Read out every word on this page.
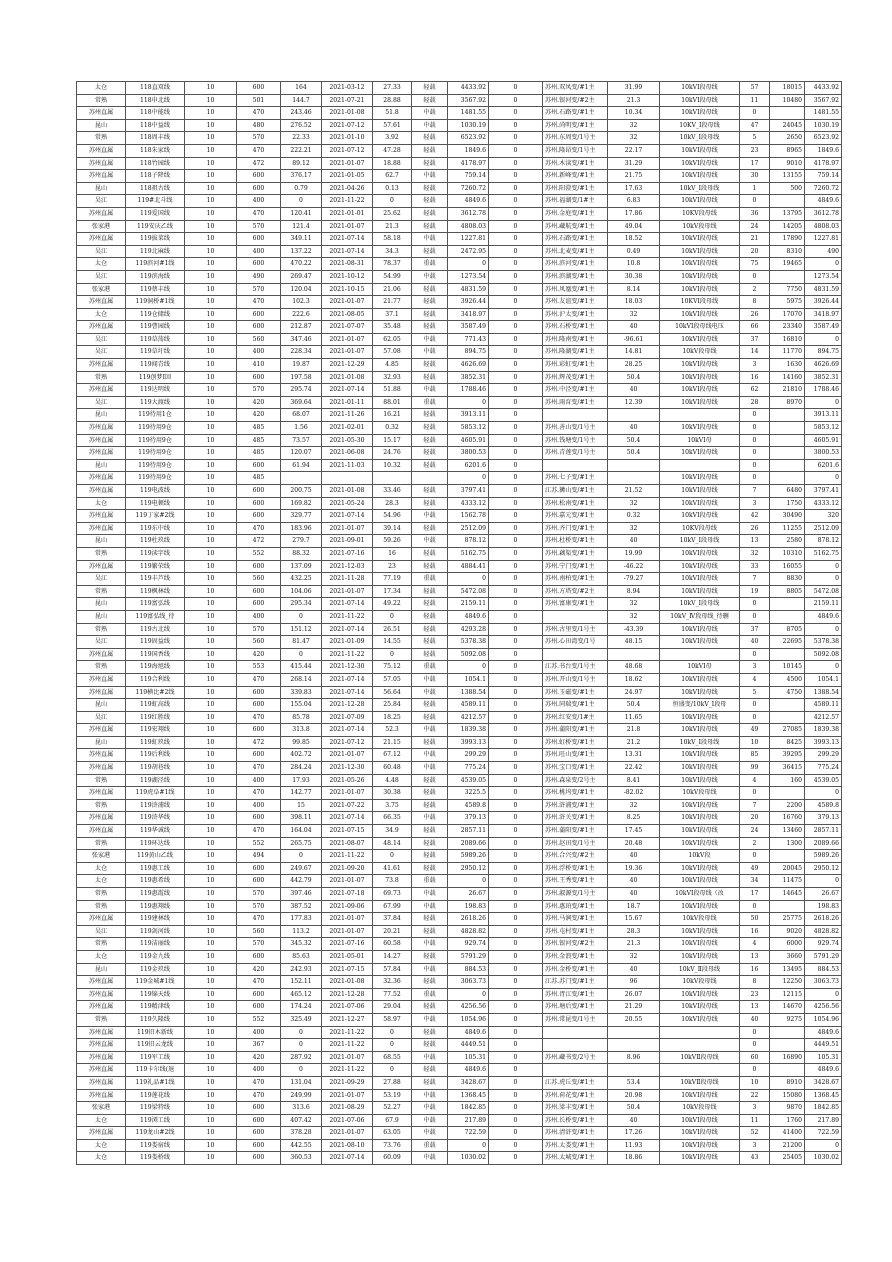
太仓	118直双线	10	600	164	2021-03-12	27.33	轻载	4433.92	0	苏州.双凤变/#1主	31.99	10kVⅠ段母线	57	18015	4433.92
常熟	118申北线	10	501	144.7	2021-07-21	28.88	轻载	3567.92	0	苏州.银河变/#2主	21.3	10kVⅠ段母线	11	10480	3567.92
苏州直属	118中能线	10	470	243.46	2021-01-08	51.8	中载	1481.55	0	苏州.石路变/#1主	10.34	10kVⅠ段母线	0		1481.55
昆山	118中益线	10	480	276.52	2021-07-12	57.61	中载	1030.19	0	苏州.尚明变/#1主	32	10KV_Ⅰ段母线	47	24045	1030.19
常熟	118周丰线	10	570	22.33	2021-01-10	3.92	轻载	6523.92	0	苏州.东周变/1号主	32	10kV_Ⅰ段母线	5	2650	6523.92
苏州直属	118朱家线	10	470	222.21	2021-07-12	47.28	轻载	1849.6	0	苏州.隆昂变/1号主	22.17	10kVⅠ段母线	23	8965	1849.6
苏州直属	118竹园线	10	472	89.12	2021-01-07	18.88	轻载	4178.97	0	苏州.木渎变/#1主	31.29	10kVⅠ段母线	17	9010	4178.97
苏州直属	118子降线	10	600	376.17	2021-01-05	62.7	中载	759.14	0	苏州.新峰变/#1主	21.75	10kVⅠ段母线	30	13155	759.14
昆山	118祖古线	10	600	0.79	2021-04-26	0.13	轻载	7260.72	0	苏州.阳澄变/#1主	17.63	10kV_Ⅰ段母线	1	500	7260.72
吴江	119#北斗线	10	400	0	2021-11-22	0	轻载	4849.6	0	苏州.福湖变/1#主	6.83	10kVⅠ段母线	0		4849.6
苏州直属	119爱国线	10	470	120.41	2021-01-01	25.62	轻载	3612.78	0	苏州.金庭变/#1主	17.86	10KV段母线	36	13795	3612.78
张家港	119安庆乙线	10	570	121.4	2021-01-07	21.3	轻载	4808.03	0	苏州.藏航变/#1主	49.04	10kV段母线	24	14205	4808.03
苏州直属	119拔菜线	10	600	349.11	2021-07-14	58.18	中载	1227.81	0	苏州.石路变/#1主	18.52	10kVⅠ段母线	21	17890	1227.81
吴江	119北麻线	10	400	137.22	2021-07-14	34.3	轻载	2472.95	0	苏州.北麦变/#1主	0.49	10kVⅠ段母线	20	8310	490
太仓	119滨河#1线	10	600	470.22	2021-08-31	78.37	重载	0	0	苏州.滨河变/#1主	10.8	10kVⅠ段母线	75	19465	0
吴江	119滨海线	10	490	269.47	2021-10-12	54.99	中载	1273.54	0	苏州.滨湖变/#1主	30.38	10kVⅠ段母线	0		1273.54
张家港	119蔡丰线	10	570	120.04	2021-10-15	21.06	轻载	4831.59	0	苏州.凤凰变/#1主	8.14	10kVⅠ段母线	2	7750	4831.59
苏州直属	119洞桥#1线	10	470	102.3	2021-01-07	21.77	轻载	3926.44	0	苏州.友谊变/#1主	18.03	10KVⅠ段母线	8	5975	3926.44
太仓	119仓储线	10	600	222.6	2021-08-05	37.1	轻载	3418.97	0	苏州.沪太变/#1主	32	10kVⅠ段母线	26	17070	3418.97
苏州直属	119曹园线	10	600	212.87	2021-07-07	35.48	轻载	3587.49	0	苏州.石桥变/#1主	40	10kVⅠ段母线电压	66	23340	3587.49
吴江	119草荡线	10	560	347.46	2021-01-07	62.05	中载	771.43	0	苏州.隆南变/#1主	-96.61	10kVⅠ段母线	37	16810	0
吴江	119草圩线	10	400	228.34	2021-01-07	57.08	中载	894.75	0	苏州.隆湖变/#1主	14.81	10kV段母线	14	11770	894.75
苏州直属	119闻青线	10	410	19.87	2021-12-29	4.85	轻载	4626.69	0	苏州.彩虹变/#1主	28.25	10kVⅠ段母线	3	1630	4626.69
常熟	119创梦Ⅰ回	10	600	197.58	2021-01-08	32.93	轻载	3852.31	0	苏州.辉茂变/#1主	50.4	10kVⅠ段母线	16	14160	3852.31
苏州直属	119达明线	10	570	295.74	2021-07-14	51.88	中载	1788.46	0	苏州.中泾变/#1主	40	10kVⅠ段母线	62	21810	1788.46
吴江	119大渡线	10	420	369.64	2021-01-11	88.01	重载	0	0	苏州.雨育变/#1主	12.39	10kVⅠ段母线	28	8970	0
昆山	119待用1仓	10	420	68.07	2021-11-26	16.21	轻载	3913.11	0				0		3913.11
苏州直属	119待用9仓	10	485	1.56	2021-02-01	0.32	轻载	5853.12	0	苏州.善山变/1号主	40	10kVⅠ段母线	0		5853.12
苏州直属	119待用9仓	10	485	73.57	2021-05-30	15.17	轻载	4605.91	0	苏州.钱塘变/1号主	50.4	10kVⅠ母	0		4605.91
苏州直属	119待用9仓	10	485	120.07	2021-06-08	24.76	轻载	3800.53	0	苏州.青莲变/1号主	50.4	10kVⅠ段母线	0		3800.53
昆山	119待用9仓	10	600	61.94	2021-11-03	10.32	轻载	6201.6	0				0		6201.6
苏州直属	119待用9仓	10	485					0	0	苏州.七子变/#1主		10kVⅠ段母线	0		0
苏州直属	119电波线	10	600	200.75	2021-01-08	33.46	轻载	3797.41	0	江苏.狮山变/#1主	21.52	10kVⅠ段母线	7	6480	3797.41
太仓	119电顿线	10	600	169.82	2021-05-24	28.3	轻载	4333.12	0	苏州.松南变/#1主	32	10kVⅠ段母线	3	1750	4333.12
苏州直属	119丁家#2线	10	600	329.77	2021-07-14	54.96	中载	1562.78	0	苏州.嘉元变/#1主	0.32	10kVⅠ段母线	42	30490	320
苏州直属	119东中线	10	470	183.96	2021-01-07	39.14	轻载	2512.09	0	苏州.齐门变/#1主	32	10KV段母线	26	11255	2512.09
昆山	119杜玖线	10	472	279.7	2021-09-01	59.26	中载	878.12	0	苏州.杜桥变/#1主	40	10kV_Ⅰ段母线	13	2580	878.12
常熟	119渎字线	10	552	88.32	2021-07-16	16	轻载	5162.75	0	苏州.藕渠变/#1主	19.99	10kVⅠ段母线	32	10310	5162.75
苏州直属	119繁荣线	10	600	137.09	2021-12-03	23	轻载	4884.41	0	苏州.宁门变/#1主	-46.22	10kVⅠ段母线	33	16055	0
吴江	119丰芦线	10	560	432.25	2021-11-28	77.19	重载	0	0	苏州.南柏变/#1主	-79.27	10kVⅠ段母线	7	8830	0
常熟	119枫林线	10	600	104.06	2021-01-07	17.34	轻载	5472.08	0	苏州.方塔变/#2主	8.94	10kVⅠ段母线	19	8805	5472.08
昆山	119富弘线	10	600	295.34	2021-07-14	49.22	轻载	2159.11	0	苏州.富康变/#1主	32	10kV_Ⅰ段母线	0		2159.11
昆山	119富弘线_待	10	400	0	2021-11-22	0	轻载	4849.6	0		32	10kV_Ⅳ段母线_待删	0		4849.6
常熟	119古北线	10	570	151.12	2021-07-14	26.51	轻载	4293.28	0	苏州.古里变/1号主	-43.39	10kVⅠ段母线	37	8705	0
吴江	119固益线	10	560	81.47	2021-01-09	14.55	轻载	5378.38	0	苏州.心田湾变/1号	48.15	10kVⅠ段母线	40	22695	5378.38
苏州直属	119国香线	10	420	0	2021-11-22	0	轻载	5092.08	0				0		5092.08
常熟	119海旭线	10	553	415.44	2021-12-30	75.12	重载	0	0	江苏.书台变/1号主	48.68	10kVⅠ母	3	10145	0
苏州直属	119合利线	10	470	268.14	2021-07-14	57.05	中载	1054.1	0	苏州.开山变/1号主	18.62	10kVⅠ段母线	4	4500	1054.1
苏州直属	119横比#2线	10	600	339.83	2021-07-14	56.64	中载	1388.54	0	苏州.玉磁变/#1主	24.97	10kVⅠ段母线	5	4750	1388.54
昆山	119虹高线	10	600	155.04	2021-12-28	25.84	轻载	4589.11	0	苏州.同瑞变/#1主	50.4	恒盛变/10kV_Ⅰ段母	0		4589.11
吴江	119红胜线	10	470	85.78	2021-07-09	18.25	轻载	4212.57	0	苏州.红安变/1#主	11.65	10kVⅠ段母线	0		4212.57
苏州直属	119宏翔线	10	600	313.8	2021-07-14	52.3	中载	1839.38	0	苏州.蒲阳变/#1主	21.8	10kVⅠ段母线	49	27085	1839.38
昆山	119虹玖线	10	472	99.85	2021-07-12	21.15	轻载	3993.13	0	苏州.虹桥变/#1主	21.2	10kV_Ⅰ段母线	10	8425	3993.13
苏州直属	119后利线	10	600	402.72	2021-01-07	67.12	中载	299.29	0	苏州.旺山变/#1主	13.31	10kVⅠ段母线	85	39295	299.29
苏州直属	119胡巷线	10	470	284.24	2021-12-30	60.48	中载	775.24	0	苏州.宝口变/#1主	22.42	10kVⅠ段母线	99	36415	775.24
常熟	119湖泾线	10	400	17.93	2021-05-26	4.48	轻载	4539.05	0	苏州.森泉变/2号主	8.41	10kVⅠ段母线	4	160	4539.05
苏州直属	119虎阜#1线	10	470	142.77	2021-01-07	30.38	轻载	3225.5	0	苏州.桃坞变/#1主	-82.02	10kV段母线	0		0
常熟	119浒浦线	10	400	15	2021-07-22	3.75	轻载	4589.8	0	苏州.浒浦变/#1主	32	10kVⅠ段母线	7	2200	4589.8
苏州直属	119浒华线	10	600	398.11	2021-07-14	66.35	中载	379.13	0	苏州.浒关变/#1主	8.25	10kVⅠ段母线	20	16760	379.13
苏州直属	119华诚线	10	470	164.04	2021-07-15	34.9	轻载	2857.11	0	苏州.蒲阳变/#1主	17.45	10kVⅠ段母线	24	13460	2857.11
常熟	119环达线	10	552	265.75	2021-08-07	48.14	轻载	2089.66	0	苏州.赵田变/1号主	20.48	10kVⅠ段母线	2	1300	2089.66
张家港	119黄山乙线	10	494	0	2021-11-22	0	轻载	5989.26	0	苏州.合兴变/#2主	40	10kV段	0		5989.26
太仓	119惠工线	10	600	249.67	2021-09-20	41.61	轻载	2950.12	0	苏州.浮桥变/#1主	19.36	10kVⅠ段母线	49	20045	2950.12
太仓	119惠希线	10	600	442.79	2021-01-07	73.8	重载	0	0	苏州.王秀变/#1主	40	10kVⅠ段母线	34	11475	0
常熟	119惠霞线	10	570	397.46	2021-07-18	69.73	中载	26.67	0	苏州.淑源变/1号主	40	10kVⅠ段母线（改	17	14645	26.67
常熟	119惠翔线	10	570	387.52	2021-09-06	67.99	中载	198.83	0	苏州.惠珀变/#1主	18.7	10kVⅠ段母线	0		198.83
苏州直属	119建林线	10	470	177.83	2021-01-07	37.84	轻载	2618.26	0	苏州.马涧变/#1主	15.67	10kV段母线	50	25775	2618.26
吴江	119剑河线	10	560	113.2	2021-01-07	20.21	轻载	4828.82	0	苏州.屯村变/#1主	28.3	10kVⅠ段母线	16	9020	4828.82
常熟	119洁丽线	10	570	345.32	2021-07-16	60.58	中载	929.74	0	苏州.银河变/#2主	21.3	10kVⅠ段母线	4	6000	929.74
太仓	119金九线	10	600	85.63	2021-05-01	14.27	轻载	5791.29	0	苏州.金浪变/#1主	32	10kVⅠ段母线	13	3660	5791.29
昆山	119金玖线	10	420	242.93	2021-07-15	57.84	中载	884.53	0	苏州.金桥变/#1主	40	10kV_Ⅱ段母线	16	13495	884.53
苏州直属	119金城#1线	10	470	152.11	2021-01-08	32.36	轻载	3063.73	0	江苏.苏门变/#1主	96	10kV段母线	8	12250	3063.73
苏州直属	119锦天线	10	600	465.12	2021-12-28	77.52	重载	0	0	苏州.胥江变/#1主	26.07	10kVⅠ段母线	23	12115	0
苏州直属	119精津线	10	600	174.24	2021-07-06	29.04	轻载	4256.56	0	苏州.塘后变/#1主	21.29	10kVⅠ段母线	13	14670	4256.56
常熟	119久隆线	10	552	325.49	2021-12-27	58.97	中载	1054.96	0	苏州.常昆变/1号主	20.55	10kVⅠ段母线	40	9275	1054.96
苏州直属	119旧木新线	10	400	0	2021-11-22	0	轻载	4849.6	0				0		4849.6
苏州直属	119旧云龙线	10	367	0	2021-11-22	0	轻载	4449.51	0				0		4449.51
苏州直属	119军工线	10	420	287.92	2021-01-07	68.55	中载	105.31	0	苏州.藏书变/2号主	8.96	10kVⅡ段母线	60	16890	105.31
苏州直属	119卡尔线(退	10	400	0	2021-11-22	0	轻载	4849.6	0				0		4849.6
苏州直属	119礼品#1线	10	470	131.04	2021-09-29	27.88	轻载	3428.67	0	江苏.虎丘变/#1主	53.4	10kVⅡ段母线	10	8910	3428.67
苏州直属	119莲花线	10	470	249.99	2021-01-07	53.19	中载	1368.45	0	苏州.荷花变/#1主	20.98	10kVⅠ段母线	22	15080	1368.45
张家港	119梁特线	10	600	313.6	2021-08-29	52.27	中载	1842.85	0	苏州.梁丰变/#1主	50.4	10kV段母线	3	9870	1842.85
太仓	119浏工线	10	600	407.42	2021-07-06	67.9	中载	217.89	0	苏州.长桥变/#1主	40	10kVⅠ段母线	11	1760	217.89
苏州直属	119龙山#2线	10	600	378.28	2021-01-07	63.05	中载	722.59	0	苏州.清浒变/#1主	17.26	10kVⅠ段母线	52	41400	722.59
太仓	119娄宿线	10	600	442.55	2021-08-10	73.76	重载	0	0	苏州.太娄变/#1主	11.93	10kVⅠ段母线	3	21200	0
太仓	119娄桥线	10	600	360.53	2021-07-14	60.09	中载	1030.02	0	苏州.太城变/#1主	18.86	10kVⅠ段母线	43	25405	1030.02
